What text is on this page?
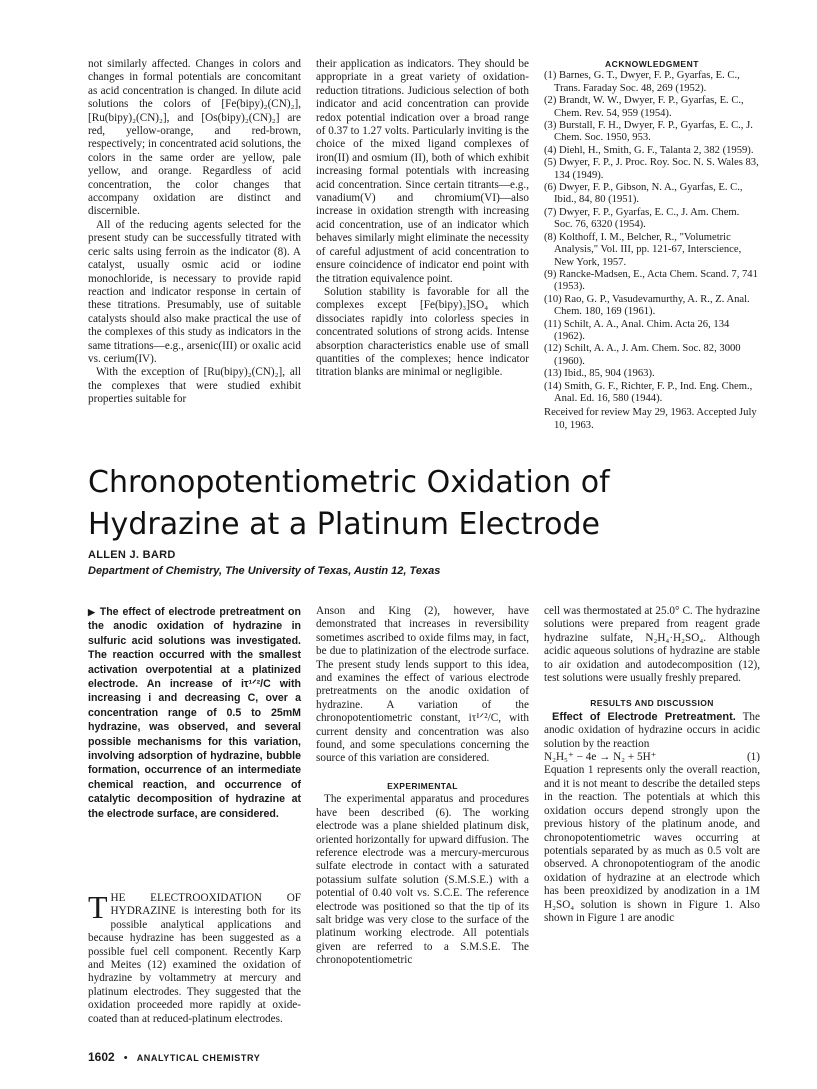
not similarly affected. Changes in colors and changes in formal potentials are concomitant as acid concentration is changed. In dilute acid solutions the colors of [Fe(bipy)₂(CN)₂], [Ru(bipy)₂(CN)₂], and [Os(bipy)₂(CN)₂] are red, yellow-orange, and red-brown, respectively; in concentrated acid solutions, the colors in the same order are yellow, pale yellow, and orange. Regardless of acid concentration, the color changes that accompany oxidation are distinct and discernible.

All of the reducing agents selected for the present study can be successfully titrated with ceric salts using ferroin as the indicator (8). A catalyst, usually osmic acid or iodine monochloride, is necessary to provide rapid reaction and indicator response in certain of these titrations. Presumably, use of suitable catalysts should also make practical the use of the complexes of this study as indicators in the same titrations—e.g., arsenic(III) or oxalic acid vs. cerium(IV).

With the exception of [Ru(bipy)₂(CN)₂], all the complexes that were studied exhibit properties suitable for

their application as indicators. They should be appropriate in a great variety of oxidation-reduction titrations. Judicious selection of both indicator and acid concentration can provide redox potential indication over a broad range of 0.37 to 1.27 volts. Particularly inviting is the choice of the mixed ligand complexes of iron(II) and osmium (II), both of which exhibit increasing formal potentials with increasing acid concentration. Since certain titrants—e.g., vanadium(V) and chromium(VI)—also increase in oxidation strength with increasing acid concentration, use of an indicator which behaves similarly might eliminate the necessity of careful adjustment of acid concentration to ensure coincidence of indicator end point with the titration equivalence point.

Solution stability is favorable for all the complexes except [Fe(bipy)₃]SO₄ which dissociates rapidly into colorless species in concentrated solutions of strong acids. Intense absorption characteristics enable use of small quantities of the complexes; hence indicator titration blanks are minimal or negligible.

ACKNOWLEDGMENT

(1) Barnes, G. T., Dwyer, F. P., Gyarfas, E. C., Trans. Faraday Soc. 48, 269 (1952).

(2) Brandt, W. W., Dwyer, F. P., Gyarfas, E. C., Chem. Rev. 54, 959 (1954).

(3) Burstall, F. H., Dwyer, F. P., Gyarfas, E. C., J. Chem. Soc. 1950, 953.

(4) Diehl, H., Smith, G. F., Talanta 2, 382 (1959).

(5) Dwyer, F. P., J. Proc. Roy. Soc. N. S. Wales 83, 134 (1949).

(6) Dwyer, F. P., Gibson, N. A., Gyarfas, E. C., Ibid., 84, 80 (1951).

(7) Dwyer, F. P., Gyarfas, E. C., J. Am. Chem. Soc. 76, 6320 (1954).

(8) Kolthoff, I. M., Belcher, R., "Volumetric Analysis," Vol. III, pp. 121-67, Interscience, New York, 1957.

(9) Rancke-Madsen, E., Acta Chem. Scand. 7, 741 (1953).

(10) Rao, G. P., Vasudevamurthy, A. R., Z. Anal. Chem. 180, 169 (1961).

(11) Schilt, A. A., Anal. Chim. Acta 26, 134 (1962).

(12) Schilt, A. A., J. Am. Chem. Soc. 82, 3000 (1960).

(13) Ibid., 85, 904 (1963).

(14) Smith, G. F., Richter, F. P., Ind. Eng. Chem., Anal. Ed. 16, 580 (1944).

Received for review May 29, 1963. Accepted July 10, 1963.

Chronopotentiometric Oxidation of Hydrazine at a Platinum Electrode
ALLEN J. BARD
Department of Chemistry, The University of Texas, Austin 12, Texas
▶ The effect of electrode pretreatment on the anodic oxidation of hydrazine in sulfuric acid solutions was investigated. The reaction occurred with the smallest activation overpotential at a platinized electrode. An increase of iτ¹ᐟ²/C with increasing i and decreasing C, over a concentration range of 0.5 to 25mM hydrazine, was observed, and several possible mechanisms for this variation, involving adsorption of hydrazine, bubble formation, occurrence of an intermediate chemical reaction, and occurrence of catalytic decomposition of hydrazine at the electrode surface, are considered.

THE ELECTROOXIDATION OF HYDRAZINE is interesting both for its possible analytical applications and because hydrazine has been suggested as a possible fuel cell component. Recently Karp and Meites (12) examined the oxidation of hydrazine by voltammetry at mercury and platinum electrodes. They suggested that the oxidation proceeded more rapidly at oxide-coated than at reduced-platinum electrodes.

Anson and King (2), however, have demonstrated that increases in reversibility sometimes ascribed to oxide films may, in fact, be due to platinization of the electrode surface. The present study lends support to this idea, and examines the effect of various electrode pretreatments on the anodic oxidation of hydrazine. A variation of the chronopotentiometric constant, iτ¹ᐟ²/C, with current density and concentration was also found, and some speculations concerning the source of this variation are considered.

EXPERIMENTAL

The experimental apparatus and procedures have been described (6). The working electrode was a plane shielded platinum disk, oriented horizontally for upward diffusion. The reference electrode was a mercury-mercurous sulfate electrode in contact with a saturated potassium sulfate solution (S.M.S.E.) with a potential of 0.40 volt vs. S.C.E. The reference electrode was positioned so that the tip of its salt bridge was very close to the surface of the platinum working electrode. All potentials given are referred to a S.M.S.E. The chronopotentiometric

cell was thermostated at 25.0° C. The hydrazine solutions were prepared from reagent grade hydrazine sulfate, N₂H₄·H₂SO₄. Although acidic aqueous solutions of hydrazine are stable to air oxidation and autodecomposition (12), test solutions were usually freshly prepared.

RESULTS AND DISCUSSION

Effect of Electrode Pretreatment. The anodic oxidation of hydrazine occurs in acidic solution by the reaction

N₂H₅⁺ − 4e → N₂ + 5H⁺	(1)

Equation 1 represents only the overall reaction, and it is not meant to describe the detailed steps in the reaction. The potentials at which this oxidation occurs depend strongly upon the previous history of the platinum anode, and chronopotentiometric waves occurring at potentials separated by as much as 0.5 volt are observed. A chronopotentiogram of the anodic oxidation of hydrazine at an electrode which has been preoxidized by anodization in a 1M H₂SO₄ solution is shown in Figure 1. Also shown in Figure 1 are anodic

1602 • ANALYTICAL CHEMISTRY
